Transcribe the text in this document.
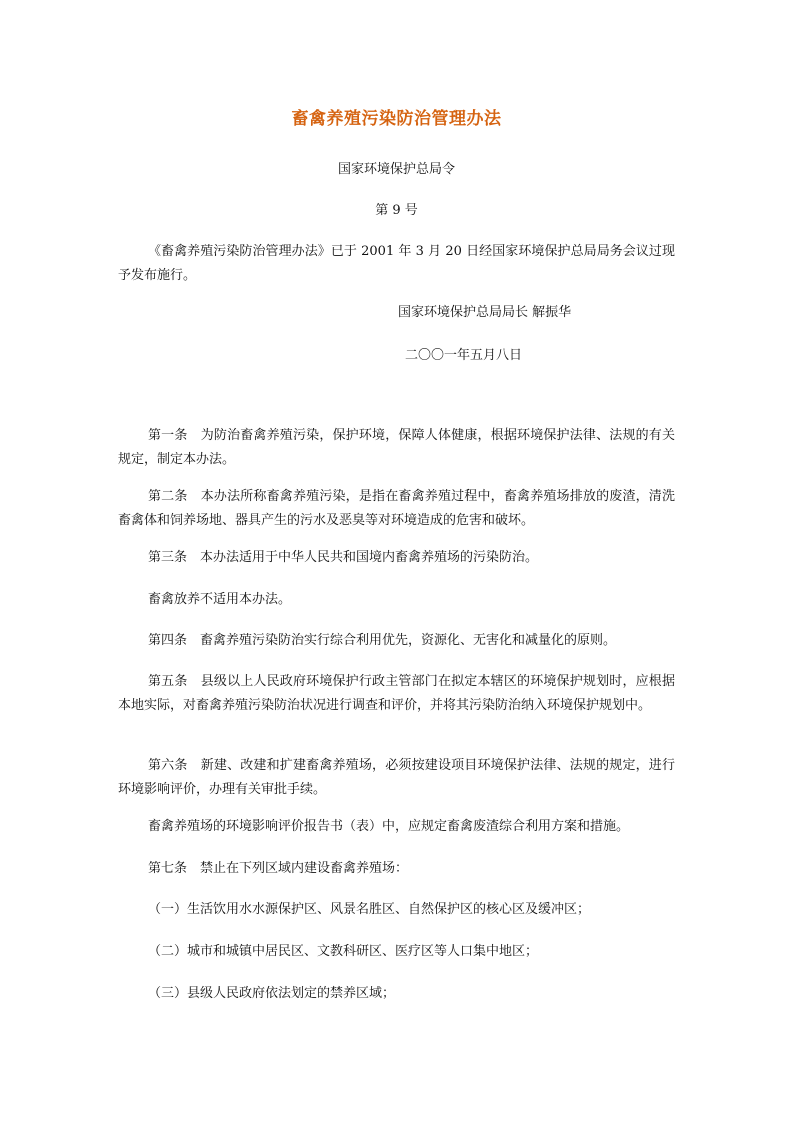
畜禽养殖污染防治管理办法
国家环境保护总局令
第 9 号
《畜禽养殖污染防治管理办法》已于 2001 年 3 月 20 日经国家环境保护总局局务会议过现予发布施行。
国家环境保护总局局长 解振华
二〇〇一年五月八日
第一条　为防治畜禽养殖污染，保护环境，保障人体健康，根据环境保护法律、法规的有关规定，制定本办法。
第二条　本办法所称畜禽养殖污染，是指在畜禽养殖过程中，畜禽养殖场排放的废渣，清洗畜禽体和饲养场地、器具产生的污水及恶臭等对环境造成的危害和破坏。
第三条　本办法适用于中华人民共和国境内畜禽养殖场的污染防治。
畜禽放养不适用本办法。
第四条　畜禽养殖污染防治实行综合利用优先，资源化、无害化和减量化的原则。
第五条　县级以上人民政府环境保护行政主管部门在拟定本辖区的环境保护规划时，应根据本地实际，对畜禽养殖污染防治状况进行调查和评价，并将其污染防治纳入环境保护规划中。
第六条　新建、改建和扩建畜禽养殖场，必须按建设项目环境保护法律、法规的规定，进行环境影响评价，办理有关审批手续。
畜禽养殖场的环境影响评价报告书（表）中，应规定畜禽废渣综合利用方案和措施。
第七条　禁止在下列区域内建设畜禽养殖场：
（一）生活饮用水水源保护区、风景名胜区、自然保护区的核心区及缓冲区；
（二）城市和城镇中居民区、文教科研区、医疗区等人口集中地区；
（三）县级人民政府依法划定的禁养区域；
